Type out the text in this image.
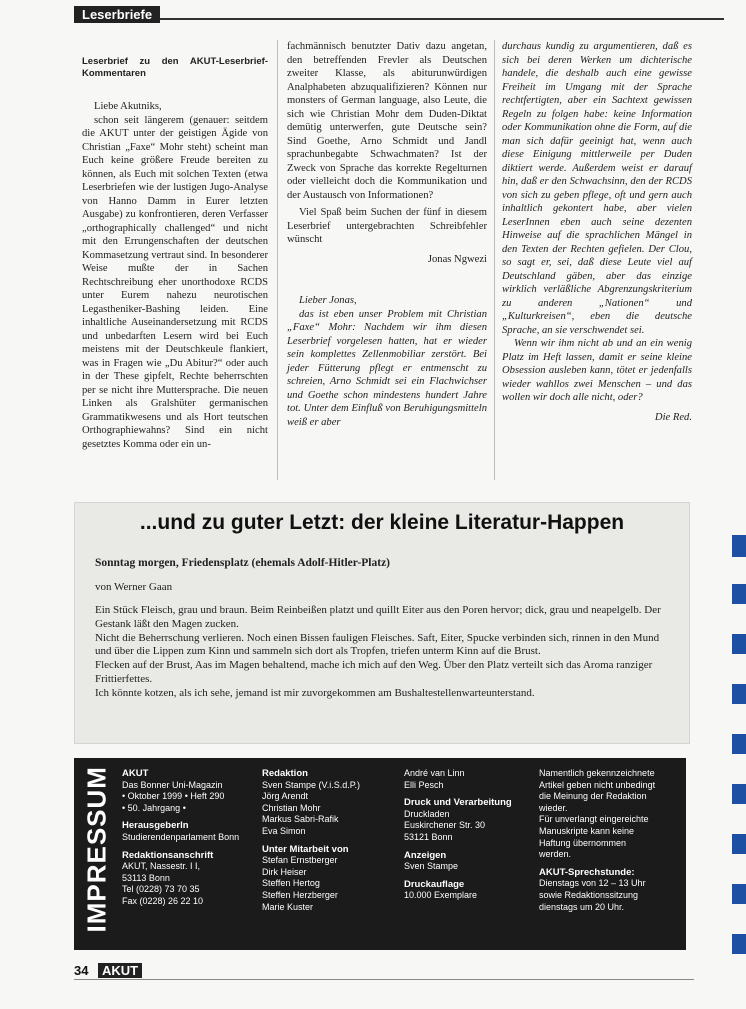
Leserbriefe

Leserbrief zu den AKUT-Leserbrief-Kommentaren

Liebe Akutniks,

schon seit längerem (genauer: seitdem die AKUT unter der geistigen Ägide von Christian „Faxe“ Mohr steht) scheint man Euch keine größere Freude bereiten zu können, als Euch mit solchen Texten (etwa Leserbriefen wie der lustigen Jugo-Analyse von Hanno Damm in Eurer letzten Ausgabe) zu konfrontieren, deren Verfasser „orthographically challenged“ und nicht mit den Errungenschaften der deutschen Kommasetzung vertraut sind. In besonderer Weise mußte der in Sachen Rechtschreibung eher unorthodoxe RCDS unter Eurem nahezu neurotischen Legastheniker-Bashing leiden. Eine inhaltliche Auseinandersetzung mit RCDS und unbedarften Lesern wird bei Euch meistens mit der Deutschkeule flankiert, was in Fragen wie „Du Abitur?“ oder auch in der These gipfelt, Rechte beherrschten per se nicht ihre Muttersprache. Die neuen Linken als Gralshüter germanischen Grammatikwesens und als Hort teutschen Orthographiewahns? Sind ein nicht gesetztes Komma oder ein un-

fachmännisch benutzter Dativ dazu angetan, den betreffenden Frevler als Deutschen zweiter Klasse, als abiturunwürdigen Analphabeten abzuqualifizieren? Können nur monsters of German language, also Leute, die sich wie Christian Mohr dem Duden-Diktat demütig unterwerfen, gute Deutsche sein? Sind Goethe, Arno Schmidt und Jandl sprachunbegabte Schwachmaten? Ist der Zweck von Sprache das korrekte Regelturnen oder vielleicht doch die Kommunikation und der Austausch von Informationen?

Viel Spaß beim Suchen der fünf in diesem Leserbrief untergebrachten Schreibfehler wünscht

Jonas Ngwezi

Lieber Jonas,

das ist eben unser Problem mit Christian „Faxe“ Mohr: Nachdem wir ihm diesen Leserbrief vorgelesen hatten, hat er wieder sein komplettes Zellenmobiliar zerstört. Bei jeder Fütterung pflegt er entmenscht zu schreien, Arno Schmidt sei ein Flachwichser und Goethe schon mindestens hundert Jahre tot. Unter dem Einfluß von Beruhigungsmitteln weiß er aber

durchaus kundig zu argumentieren, daß es sich bei deren Werken um dichterische handele, die deshalb auch eine gewisse Freiheit im Umgang mit der Sprache rechtfertigten, aber ein Sachtext gewissen Regeln zu folgen habe: keine Information oder Kommunikation ohne die Form, auf die man sich dafür geeinigt hat, wenn auch diese Einigung mittlerweile per Duden diktiert werde. Außerdem weist er darauf hin, daß er den Schwachsinn, den der RCDS von sich zu geben pflege, oft und gern auch inhaltlich gekontert habe, aber vielen LeserInnen eben auch seine dezenten Hinweise auf die sprachlichen Mängel in den Texten der Rechten gefielen. Der Clou, so sagt er, sei, daß diese Leute viel auf Deutschland gäben, aber das einzige wirklich verläßliche Abgrenzungskriterium zu anderen „Nationen“ und „Kulturkreisen“, eben die deutsche Sprache, an sie verschwendet sei.

Wenn wir ihm nicht ab und an ein wenig Platz im Heft lassen, damit er seine kleine Obsession ausleben kann, tötet er jedenfalls wieder wahllos zwei Menschen – und das wollen wir doch alle nicht, oder?

Die Red.

...und zu guter Letzt: der kleine Literatur-Happen
Sonntag morgen, Friedensplatz (ehemals Adolf-Hitler-Platz)
von Werner Gaan

Ein Stück Fleisch, grau und braun. Beim Reinbeißen platzt und quillt Eiter aus den Poren hervor; dick, grau und neapelgelb. Der Gestank läßt den Magen zucken.

Nicht die Beherrschung verlieren. Noch einen Bissen fauligen Fleisches. Saft, Eiter, Spucke verbinden sich, rinnen in den Mund und über die Lippen zum Kinn und sammeln sich dort als Tropfen, triefen unterm Kinn auf die Brust.

Flecken auf der Brust, Aas im Magen behaltend, mache ich mich auf den Weg. Über den Platz verteilt sich das Aroma ranziger Frittierfettes.

Ich könnte kotzen, als ich sehe, jemand ist mir zuvorgekommen am Bushaltestellenwarteunterstand.

IMPRESSUM AKUT

Das Bonner Uni-Magazin

• Oktober 1999 • Heft 290

• 50. Jahrgang •

Herausgeberln

Studierendenparlament Bonn

Redaktionsanschrift

AKUT, Nassestr. I I,

53113 Bonn

Tel (0228) 73 70 35

Fax (0228) 26 22 10

Redaktion

Sven Stampe (V.i.S.d.P.)

Jörg Arendt

Christian Mohr

Markus Sabri-Rafik

Eva Simon

Unter Mitarbeit von

Stefan Ernstberger

Dirk Heiser

Steffen Hertog

Steffen Herzberger

Marie Kuster

André van Linn

Elli Pesch

Druck und Verarbeitung

Druckladen

Euskirchener Str. 30

53121 Bonn

Anzeigen

Sven Stampe

Druckauflage

10.000 Exemplare

Namentlich gekennzeichnete

Artikel geben nicht unbedingt

die Meinung der Redaktion

wieder.

Für unverlangt eingereichte

Manuskripte kann keine

Haftung übernommen

werden.

AKUT-Sprechstunde:

Dienstags von 12 – 13 Uhr

sowie Redaktionssitzung

dienstags um 20 Uhr.

34	AKUT
